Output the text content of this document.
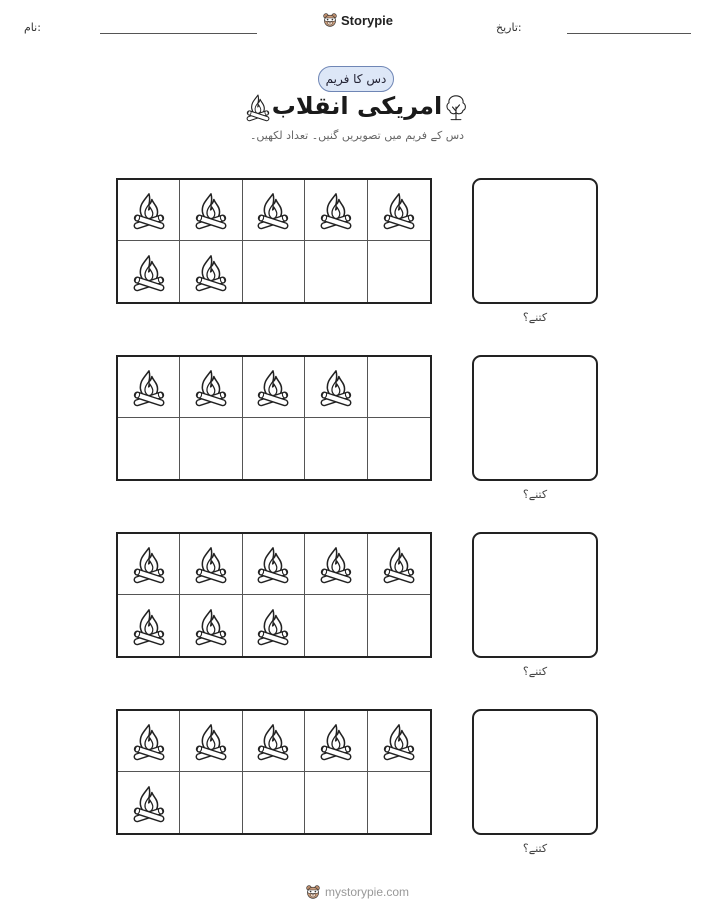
نام:	Storypie	تاریخ:
دس کا فریم
امریکی انقلاب
دس کے فریم میں تصویریں گنیں۔ تعداد لکھیں۔
کتنے؟
کتنے؟
کتنے؟
کتنے؟
mystorypie.com
